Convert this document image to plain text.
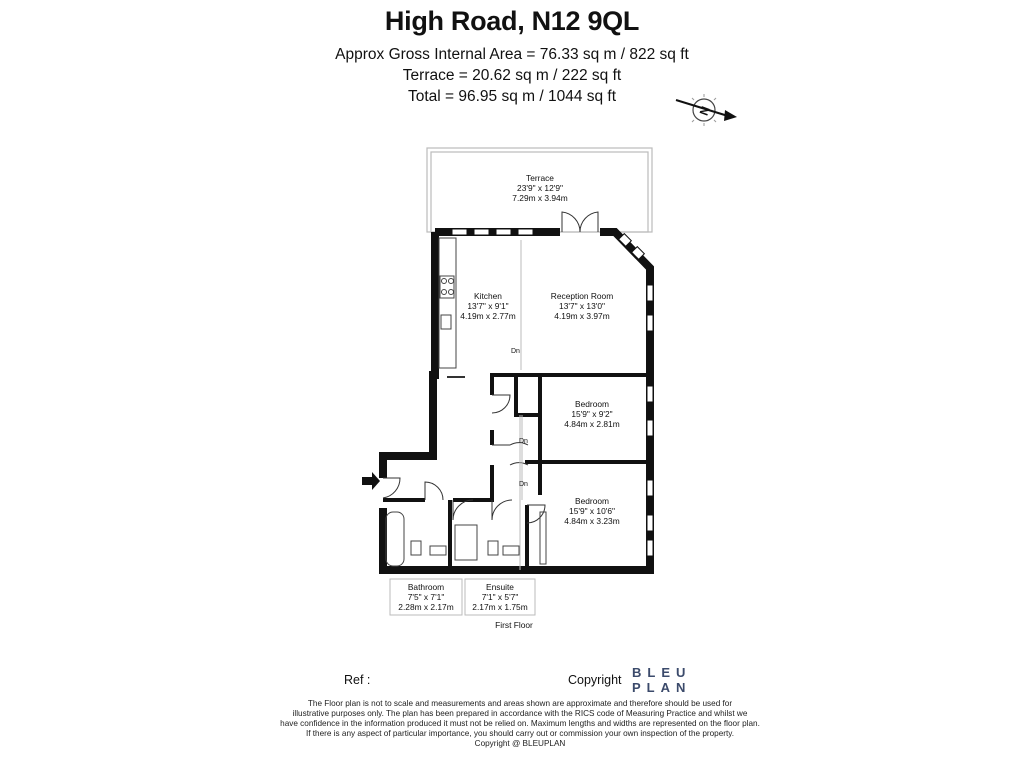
High Road, N12 9QL
Approx Gross Internal Area = 76.33 sq m / 822 sq ft
Terrace = 20.62 sq m / 222 sq ft
Total = 96.95 sq m / 1044 sq ft
N
Terrace
23'9" x 12'9"
7.29m x 3.94m
Kitchen
13'7" x 9'1"
4.19m x 2.77m
Reception Room
13'7" x 13'0"
4.19m x 3.97m
Bedroom
15'9" x 9'2"
4.84m x 2.81m
Bedroom
15'9" x 10'6"
4.84m x 3.23m
Dn
Dn
Dn
Bathroom
7'5" x 7'1"
2.28m x 2.17m
Ensuite
7'1" x 5'7"
2.17m x 1.75m
First Floor
Ref :	Copyright BLEU
PLAN
The Floor plan is not to scale and measurements and areas shown are approximate and therefore should be used for
illustrative purposes only. The plan has been prepared in accordance with the RICS code of Measuring Practice and whilst we
have confidence in the information produced it must not be relied on. Maximum lengths and widths are represented on the floor plan.
If there is any aspect of particular importance, you should carry out or commission your own inspection of the property.
Copyright @ BLEUPLAN
